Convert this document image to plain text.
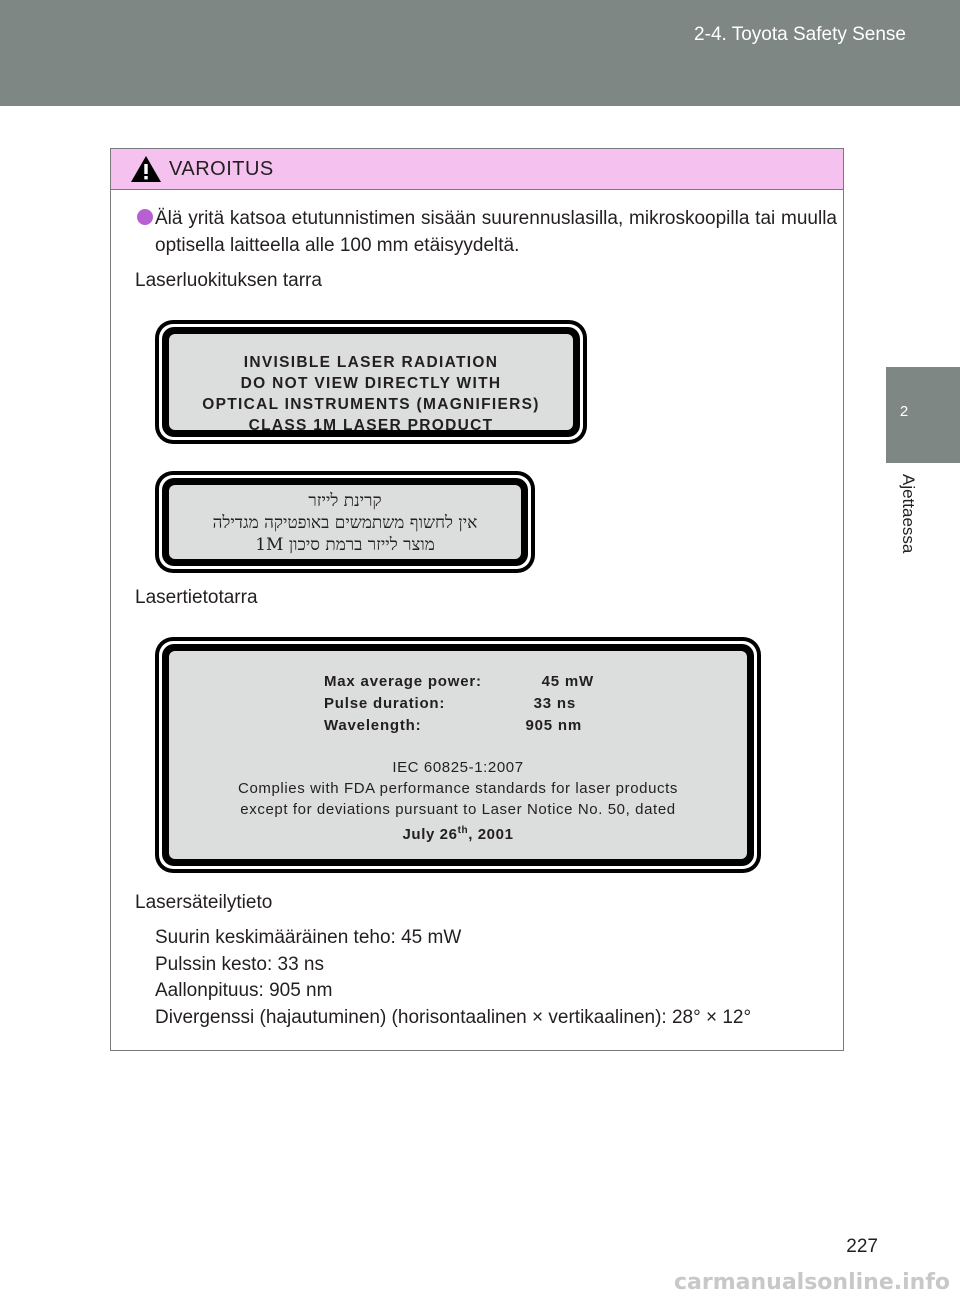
2-4. Toyota Safety Sense
2
Ajettaessa
VAROITUS
Älä yritä katsoa etutunnistimen sisään suurennuslasilla, mikroskoopilla tai muulla optisella laitteella alle 100 mm etäisyydeltä.
Laserluokituksen tarra
INVISIBLE LASER RADIATION
DO NOT VIEW DIRECTLY WITH
OPTICAL INSTRUMENTS (MAGNIFIERS)
CLASS 1M LASER PRODUCT
קרינת לייזר
אין לחשוף משתמשים באופטיקה מגדילה
מוצר לייזר ברמת סיכון 1M
Lasertietotarra
Max average power:	45 mW
Pulse duration:	33 ns
Wavelength:	905 nm
IEC 60825-1:2007
Complies with FDA performance standards for laser products
except for deviations pursuant to Laser Notice No. 50, dated
July 26th, 2001
Lasersäteilytieto
Suurin keskimääräinen teho: 45 mW
Pulssin kesto: 33 ns
Aallonpituus: 905 nm
Divergenssi (hajautuminen) (horisontaalinen × vertikaalinen): 28° × 12°
227
carmanualsonline.info
